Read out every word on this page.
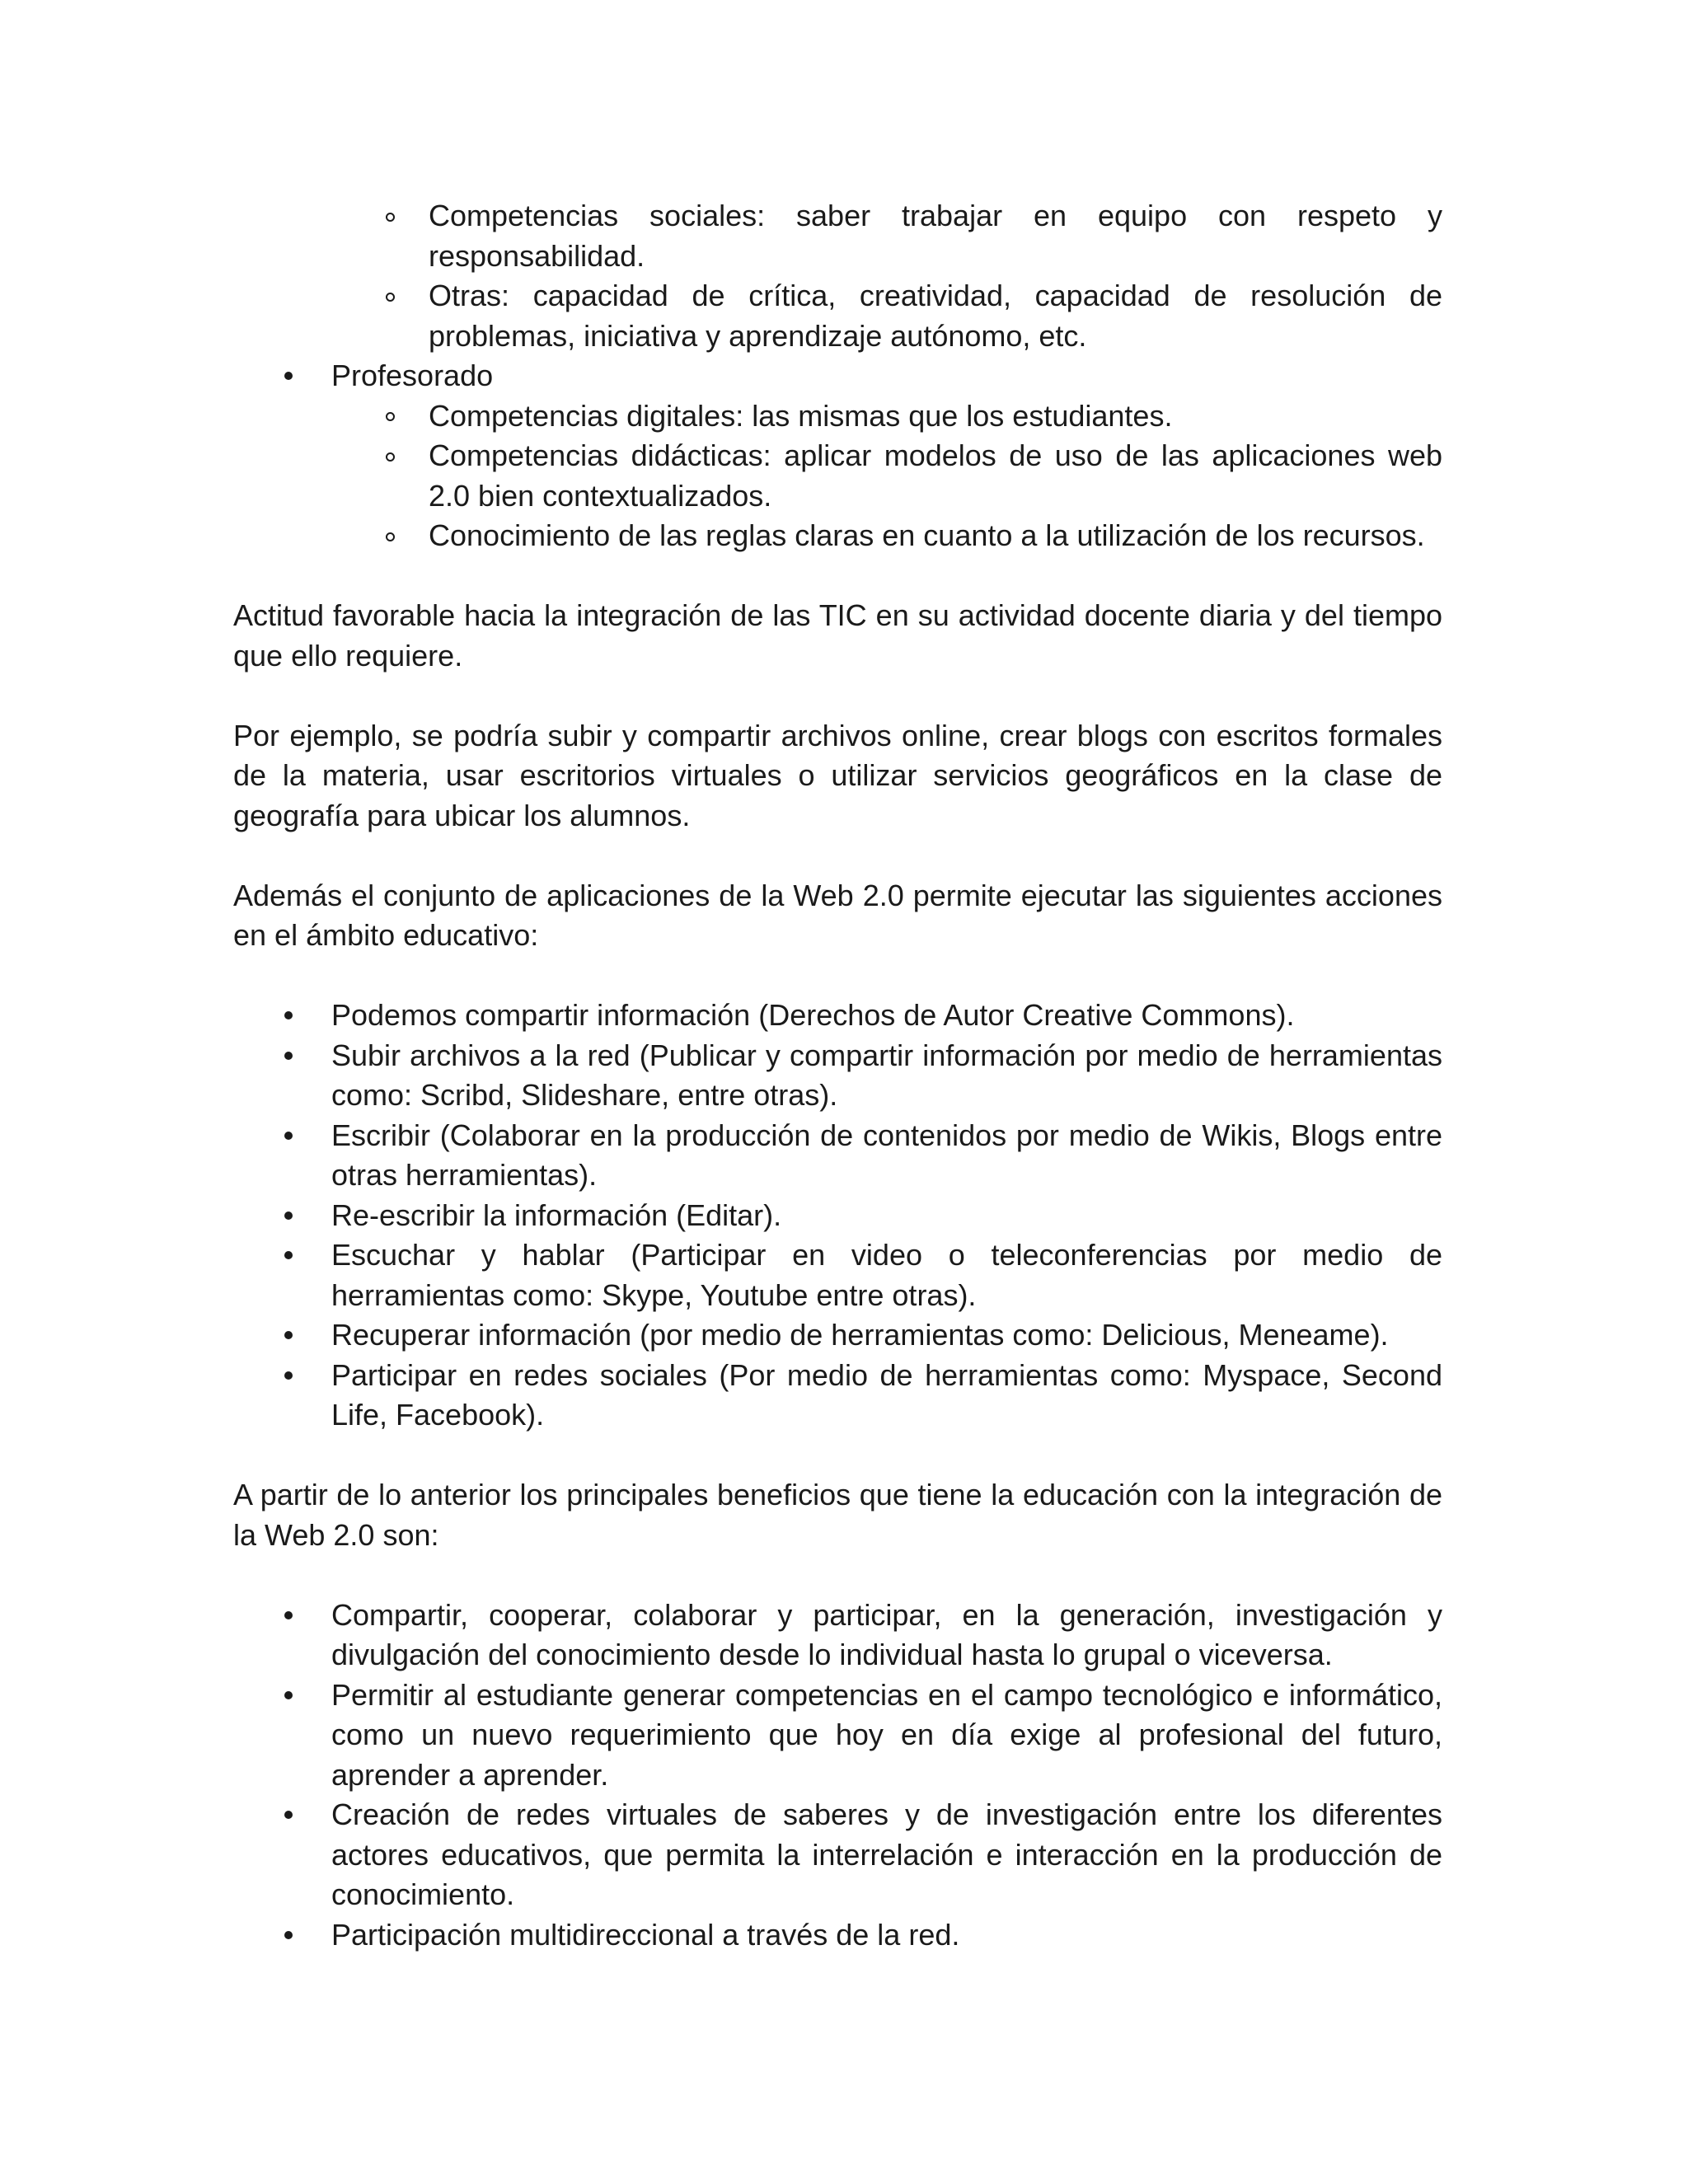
Competencias sociales: saber trabajar en equipo con respeto y responsabilidad.
Otras: capacidad de crítica, creatividad, capacidad de resolución de problemas, iniciativa y aprendizaje autónomo, etc.
Profesorado
Competencias digitales: las mismas que los estudiantes.
Competencias didácticas: aplicar modelos de uso de las aplicaciones web 2.0 bien contextualizados.
Conocimiento de las reglas claras en cuanto a la utilización de los recursos.

Actitud favorable hacia la integración de las TIC en su actividad docente diaria y del tiempo que ello requiere.

Por ejemplo, se podría subir y compartir archivos online, crear blogs con escritos formales de la materia, usar escritorios virtuales o utilizar servicios geográficos en la clase de geografía para ubicar los alumnos.

Además el conjunto de aplicaciones de la Web 2.0 permite ejecutar las siguientes acciones en el ámbito educativo:

Podemos compartir información (Derechos de Autor Creative Commons).
Subir archivos a la red (Publicar y compartir información por medio de herramientas como: Scribd, Slideshare, entre otras).
Escribir (Colaborar en la producción de contenidos por medio de Wikis, Blogs entre otras herramientas).
Re-escribir la información (Editar).
Escuchar y hablar (Participar en video o teleconferencias por medio de herramientas como: Skype, Youtube entre otras).
Recuperar información (por medio de herramientas como: Delicious, Meneame).
Participar en redes sociales (Por medio de herramientas como: Myspace, Second Life, Facebook).

A partir de lo anterior los principales beneficios que tiene la educación con la integración de la Web 2.0 son:

Compartir, cooperar, colaborar y participar, en la generación, investigación y divulgación del conocimiento desde lo individual hasta lo grupal o viceversa.
Permitir al estudiante generar competencias en el campo tecnológico e informático, como un nuevo requerimiento que hoy en día exige al profesional del futuro, aprender a aprender.
Creación de redes virtuales de saberes y de investigación entre los diferentes actores educativos, que permita la interrelación e interacción en la producción de conocimiento.
Participación multidireccional a través de la red.
